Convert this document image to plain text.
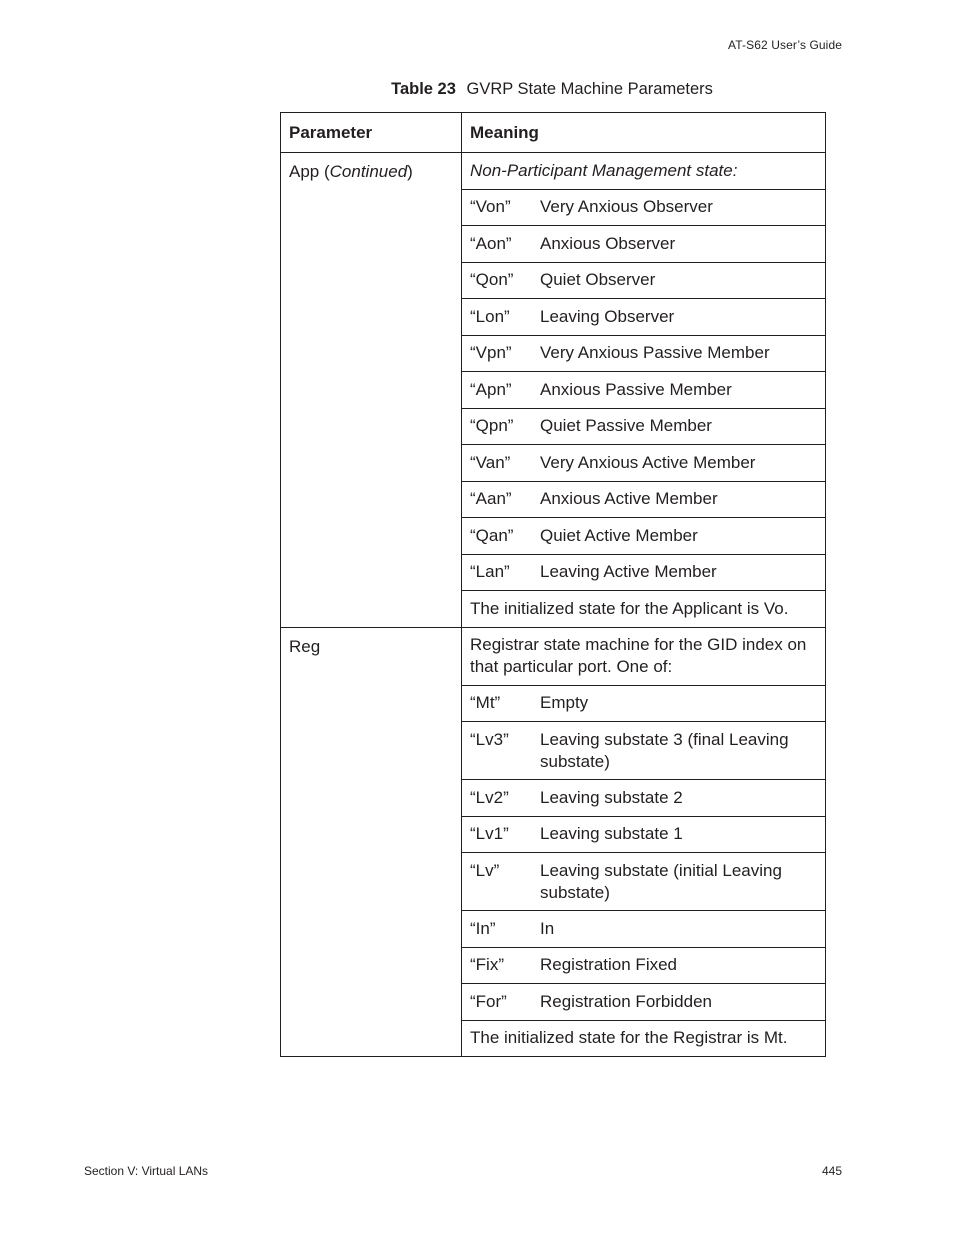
AT-S62 User’s Guide
Table 23 GVRP State Machine Parameters
Parameter	Meaning
App (Continued)	Non-Participant Management state:
	“Von” Very Anxious Observer
	“Aon” Anxious Observer
	“Qon” Quiet Observer
	“Lon” Leaving Observer
	“Vpn” Very Anxious Passive Member
	“Apn” Anxious Passive Member
	“Qpn” Quiet Passive Member
	“Van” Very Anxious Active Member
	“Aan” Anxious Active Member
	“Qan” Quiet Active Member
	“Lan” Leaving Active Member
	The initialized state for the Applicant is Vo.
Reg	Registrar state machine for the GID index on that particular port. One of:
	“Mt” Empty
	“Lv3” Leaving substate 3 (final Leaving substate)
	“Lv2” Leaving substate 2
	“Lv1” Leaving substate 1
	“Lv” Leaving substate (initial Leaving substate)
	“In” In
	“Fix” Registration Fixed
	“For” Registration Forbidden
	The initialized state for the Registrar is Mt.
Section V: Virtual LANs	445
